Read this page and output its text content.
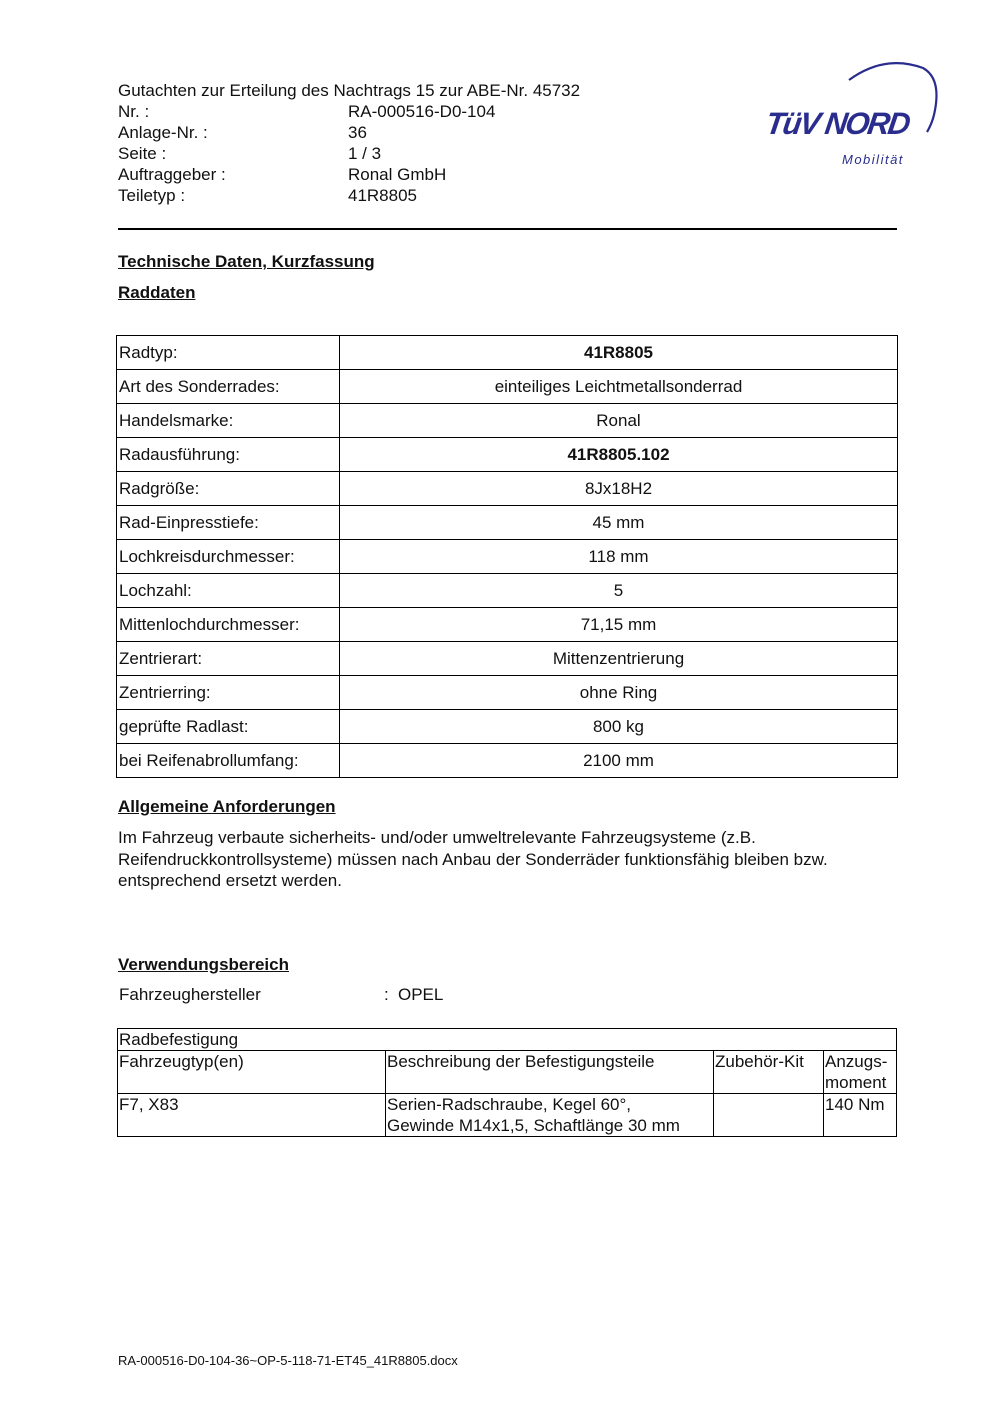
Gutachten zur Erteilung des Nachtrags 15 zur ABE-Nr. 45732
Nr. :	RA-000516-D0-104
Anlage-Nr. :	36
Seite :	1 / 3
Auftraggeber :	Ronal GmbH
Teiletyp :	41R8805
TüV NORD
Mobilität
Technische Daten, Kurzfassung
Raddaten
Radtyp:	41R8805
Art des Sonderrades:	einteiliges Leichtmetallsonderrad
Handelsmarke:	Ronal
Radausführung:	41R8805.102
Radgröße:	8Jx18H2
Rad-Einpresstiefe:	45 mm
Lochkreisdurchmesser:	118 mm
Lochzahl:	5
Mittenlochdurchmesser:	71,15 mm
Zentrierart:	Mittenzentrierung
Zentrierring:	ohne Ring
geprüfte Radlast:	800 kg
bei Reifenabrollumfang:	2100 mm
Allgemeine Anforderungen
Im Fahrzeug verbaute sicherheits- und/oder umweltrelevante Fahrzeugsysteme (z.B.
Reifendruckkontrollsysteme) müssen nach Anbau der Sonderräder funktionsfähig bleiben bzw.
entsprechend ersetzt werden.
Verwendungsbereich
Fahrzeughersteller	: OPEL
Radbefestigung			
Fahrzeugtyp(en)	Beschreibung der Befestigungsteile	Zubehör-Kit	Anzugs-
moment

F7, X83	Serien-Radschraube, Kegel 60°,
Gewinde M14x1,5, Schaftlänge 30 mm		140 Nm
RA-000516-D0-104-36~OP-5-118-71-ET45_41R8805.docx
